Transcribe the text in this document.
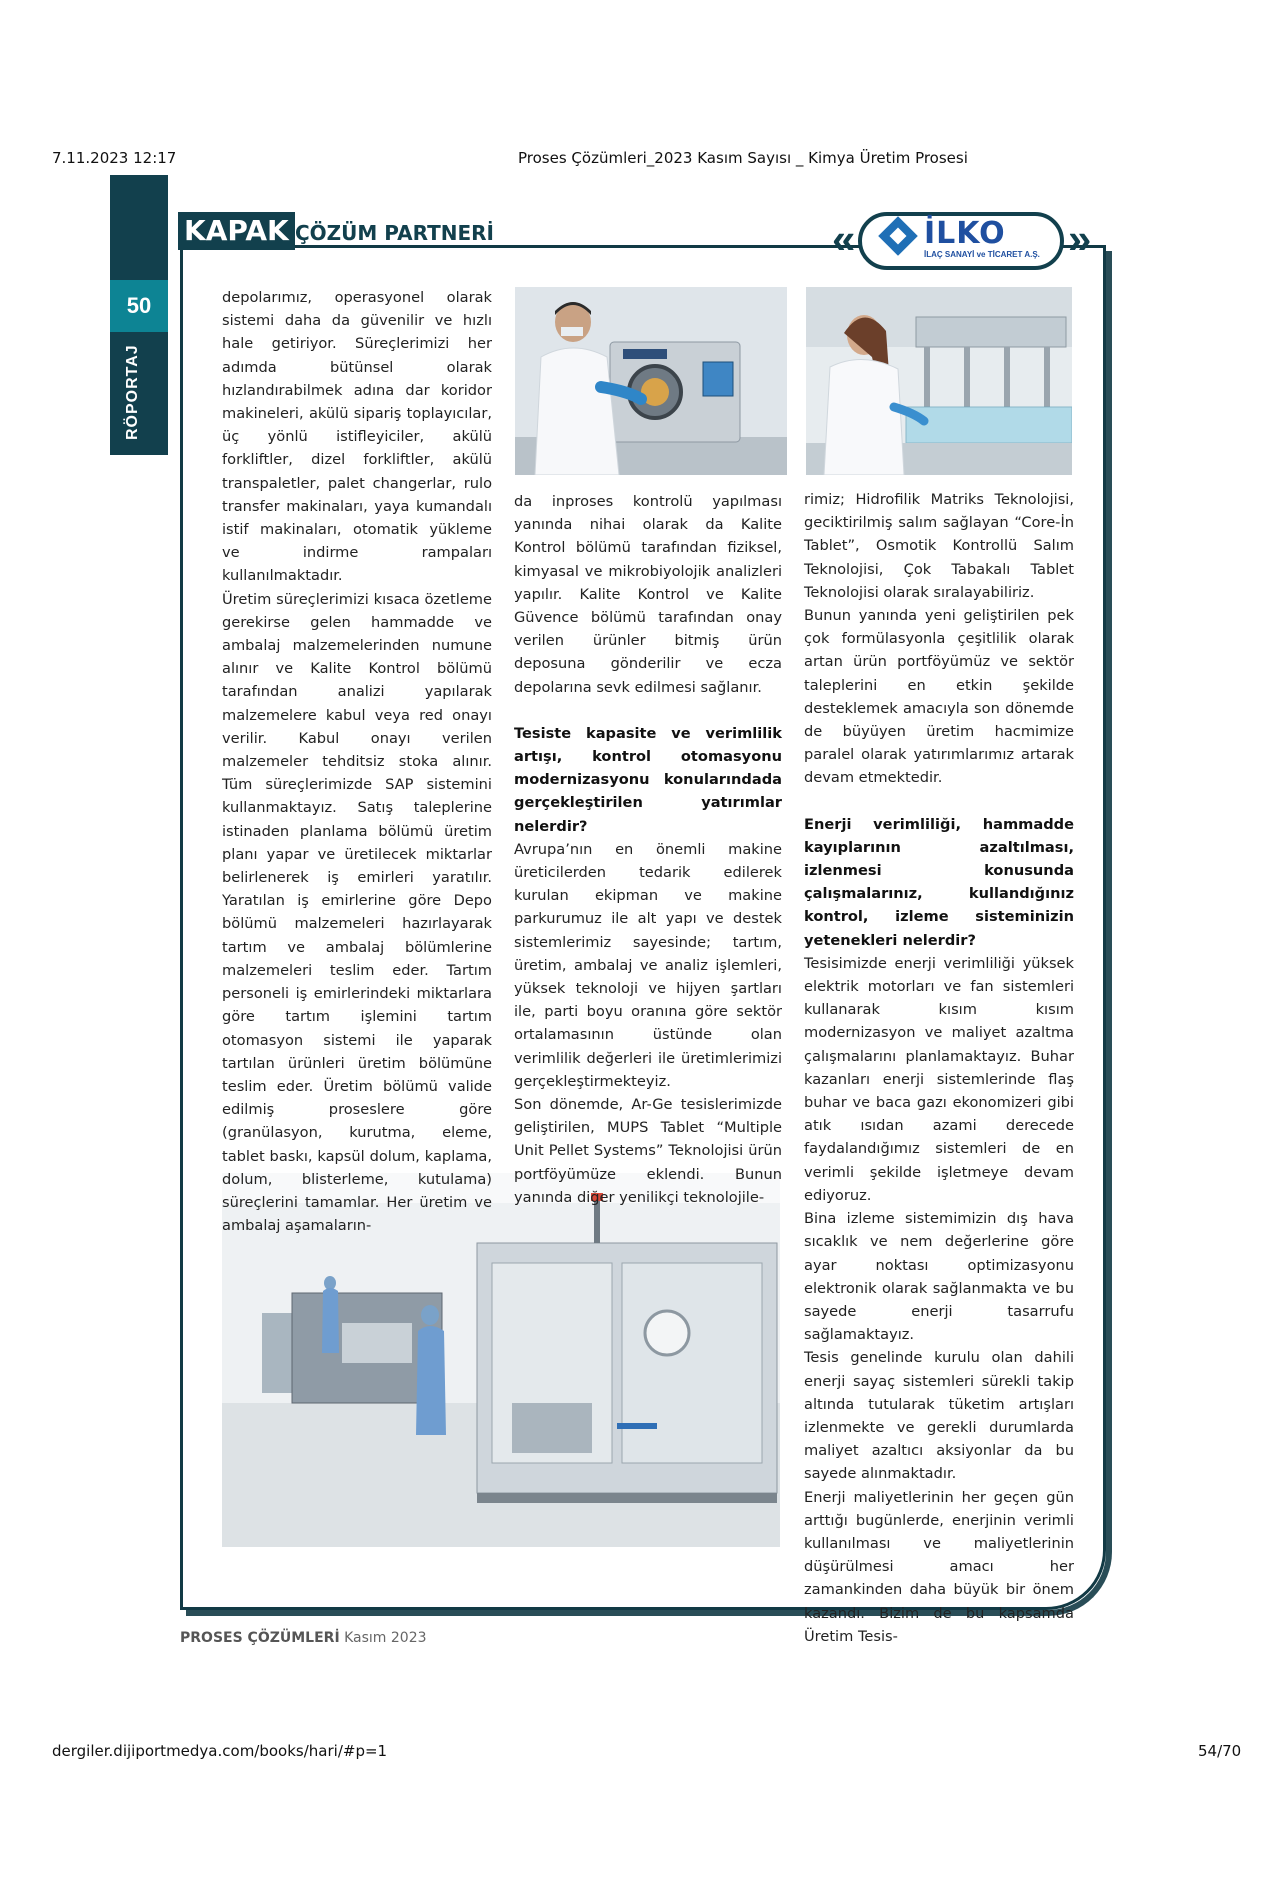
7.11.2023 12:17	Proses Çözümleri_2023 Kasım Sayısı _ Kimya Üretim Prosesi
50
RÖPORTAJ
KAPAK ÇÖZÜM PARTNERİ	« İLKO
İLAÇ SANAYİ ve TİCARET A.Ş. »

depolarımız, operasyonel olarak sistemi daha da güvenilir ve hızlı hale getiriyor. Süreçlerimizi her adımda bütünsel olarak hızlandırabilmek adına dar koridor makineleri, akülü sipariş toplayıcılar, üç yönlü istifleyiciler, akülü forkliftler, dizel forkliftler, akülü transpaletler, palet changerlar, rulo transfer makinaları, yaya kumandalı istif makinaları, otomatik yükleme ve indirme rampaları kullanılmaktadır.

Üretim süreçlerimizi kısaca özetleme gerekirse gelen hammadde ve ambalaj malzemelerinden numune alınır ve Kalite Kontrol bölümü tarafından analizi yapılarak malzemelere kabul veya red onayı verilir. Kabul onayı verilen malzemeler tehditsiz stoka alınır. Tüm süreçlerimizde SAP sistemini kullanmaktayız. Satış taleplerine istinaden planlama bölümü üretim planı yapar ve üretilecek miktarlar belirlenerek iş emirleri yaratılır. Yaratılan iş emirlerine göre Depo bölümü malzemeleri hazırlayarak tartım ve ambalaj bölümlerine malzemeleri teslim eder. Tartım personeli iş emirlerindeki miktarlara göre tartım işlemini tartım otomasyon sistemi ile yaparak tartılan ürünleri üretim bölümüne teslim eder. Üretim bölümü valide edilmiş proseslere göre (granülasyon, kurutma, eleme, tablet baskı, kapsül dolum, kaplama, dolum, blisterleme, kutulama) süreçlerini tamamlar. Her üretim ve ambalaj aşamaların-

da inproses kontrolü yapılması yanında nihai olarak da Kalite Kontrol bölümü tarafından fiziksel, kimyasal ve mikrobiyolojik analizleri yapılır. Kalite Kontrol ve Kalite Güvence bölümü tarafından onay verilen ürünler bitmiş ürün deposuna gönderilir ve ecza depolarına sevk edilmesi sağlanır.

Tesiste kapasite ve verimlilik artışı, kontrol otomasyonu modernizasyonu konularındada gerçekleştirilen yatırımlar nelerdir?

Avrupa’nın en önemli makine üreticilerden tedarik edilerek kurulan ekipman ve makine parkurumuz ile alt yapı ve destek sistemlerimiz sayesinde; tartım, üretim, ambalaj ve analiz işlemleri, yüksek teknoloji ve hijyen şartları ile, parti boyu oranına göre sektör ortalamasının üstünde olan verimlilik değerleri ile üretimlerimizi gerçekleştirmekteyiz.

Son dönemde, Ar-Ge tesislerimizde geliştirilen, MUPS Tablet “Multiple Unit Pellet Systems” Teknolojisi ürün portföyümüze eklendi. Bunun yanında diğer yenilikçi teknolojile-

rimiz; Hidrofilik Matriks Teknolojisi, geciktirilmiş salım sağlayan “Core-İn Tablet”, Osmotik Kontrollü Salım Teknolojisi, Çok Tabakalı Tablet Teknolojisi olarak sıralayabiliriz.

Bunun yanında yeni geliştirilen pek çok formülasyonla çeşitlilik olarak artan ürün portföyümüz ve sektör taleplerini en etkin şekilde desteklemek amacıyla son dönemde de büyüyen üretim hacmimize paralel olarak yatırımlarımız artarak devam etmektedir.

Enerji verimliliği, hammadde kayıplarının azaltılması, izlenmesi konusunda çalışmalarınız, kullandığınız kontrol, izleme sisteminizin yetenekleri nelerdir?

Tesisimizde enerji verimliliği yüksek elektrik motorları ve fan sistemleri kullanarak kısım kısım modernizasyon ve maliyet azaltma çalışmalarını planlamaktayız. Buhar kazanları enerji sistemlerinde flaş buhar ve baca gazı ekonomizeri gibi atık ısıdan azami derecede faydalandığımız sistemleri de en verimli şekilde işletmeye devam ediyoruz.

Bina izleme sistemimizin dış hava sıcaklık ve nem değerlerine göre ayar noktası optimizasyonu elektronik olarak sağlanmakta ve bu sayede enerji tasarrufu sağlamaktayız.

Tesis genelinde kurulu olan dahili enerji sayaç sistemleri sürekli takip altında tutularak tüketim artışları izlenmekte ve gerekli durumlarda maliyet azaltıcı aksiyonlar da bu sayede alınmaktadır.

Enerji maliyetlerinin her geçen gün arttığı bugünlerde, enerjinin verimli kullanılması ve maliyetlerinin düşürülmesi amacı her zamankinden daha büyük bir önem kazandı. Bizim de bu kapsamda Üretim Tesis-

PROSES ÇÖZÜMLERİ Kasım 2023
dergiler.dijiportmedya.com/books/hari/#p=1	54/70
